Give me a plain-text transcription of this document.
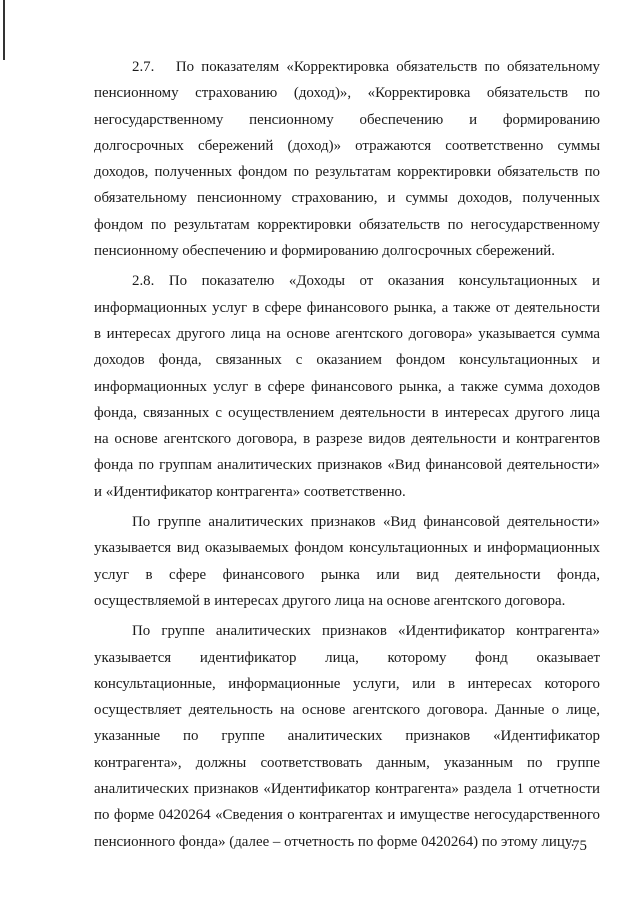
2.7.   По показателям «Корректировка обязательств по обязательному
пенсионному страхованию (доход)», «Корректировка обязательств по
негосударственному пенсионному обеспечению и формированию
долгосрочных сбережений (доход)» отражаются соответственно суммы
доходов, полученных фондом по результатам корректировки обязательств по
обязательному пенсионному страхованию, и суммы доходов, полученных
фондом по результатам корректировки обязательств по негосударственному
пенсионному обеспечению и формированию долгосрочных сбережений.

2.8. По показателю «Доходы от оказания консультационных и
информационных услуг в сфере финансового рынка, а также от деятельности
в интересах другого лица на основе агентского договора» указывается сумма
доходов фонда, связанных с оказанием фондом консультационных и
информационных услуг в сфере финансового рынка, а также сумма доходов
фонда, связанных с осуществлением деятельности в интересах другого лица
на основе агентского договора, в разрезе видов деятельности и контрагентов
фонда по группам аналитических признаков «Вид финансовой деятельности»
и «Идентификатор контрагента» соответственно.

По группе аналитических признаков «Вид финансовой деятельности»
указывается вид оказываемых фондом консультационных и информационных
услуг в сфере финансового рынка или вид деятельности фонда,
осуществляемой в интересах другого лица на основе агентского договора.

По группе аналитических признаков «Идентификатор контрагента»
указывается идентификатор лица, которому фонд оказывает
консультационные, информационные услуги, или в интересах которого
осуществляет деятельность на основе агентского договора. Данные о лице,
указанные по группе аналитических признаков «Идентификатор
контрагента», должны соответствовать данным, указанным по группе
аналитических признаков «Идентификатор контрагента» раздела 1 отчетности
по форме 0420264 «Сведения о контрагентах и имуществе негосударственного
пенсионного фонда» (далее – отчетность по форме 0420264) по этому лицу.

75
